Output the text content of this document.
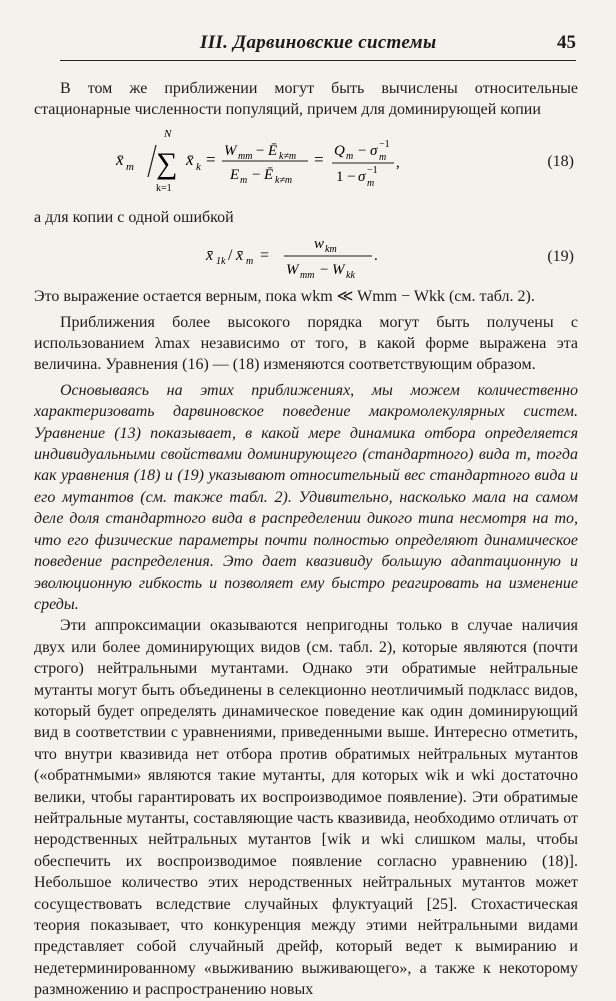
III. Дарвиновские системы	45

В том же приближении могут быть вычислены относительные стационарные численности популяций, причем для доминирующей копии

x̄ m
N
∑
k=1
x̄ k = W mm − Ē k≠m
E m − Ē k≠m
= Q m − σ −1
m
1 − σ −1
m
,	(18)

а для копии с одной ошибкой

x̄ 1k / x̄ m =
w km
W mm − W kk
.	(19)

Это выражение остается верным, пока wkm ≪ Wmm − Wkk (см. табл. 2).

Приближения более высокого порядка могут быть получены с использованием λmax независимо от того, в какой форме выражена эта величина. Уравнения (16) — (18) изменяются соответствующим образом.

Основываясь на этих приближениях, мы можем количественно характеризовать дарвиновское поведение макромолекулярных систем. Уравнение (13) показывает, в какой мере динамика отбора определяется индивидуальными свойствами доминирующего (стандартного) вида m, тогда как уравнения (18) и (19) указывают относительный вес стандартного вида и его мутантов (см. также табл. 2). Удивительно, насколько мала на самом деле доля стандартного вида в распределении дикого типа несмотря на то, что его физические параметры почти полностью определяют динамическое поведение распределения. Это дает квазивиду большую адаптационную и эволюционную гибкость и позволяет ему быстро реагировать на изменение среды.

Эти аппроксимации оказываются непригодны только в случае наличия двух или более доминирующих видов (см. табл. 2), которые являются (почти строго) нейтральными мутантами. Однако эти обратимые нейтральные мутанты могут быть объединены в селекционно неотличимый подкласс видов, который будет определять динамическое поведение как один доминирующий вид в соответствии с уравнениями, приведенными выше. Интересно отметить, что внутри квазивида нет отбора против обратимых нейтральных мутантов («обратнмыми» являются такие мутанты, для которых wik и wki достаточно велики, чтобы гарантировать их воспроизводимое появление). Эти обратимые нейтральные мутанты, составляющие часть квазивида, необходимо отличать от неродственных нейтральных мутантов [wik и wki слишком малы, чтобы обеспечить их воспроизводимое появление согласно уравнению (18)]. Небольшое количество этих неродственных нейтральных мутантов может сосуществовать вследствие случайных флуктуаций [25]. Стохастическая теория показывает, что конкуренция между этими нейтральными видами представляет собой случайный дрейф, который ведет к вымиранию и недетерминированному «выживанию выживающего», а также к некоторому размножению и распространению новых
